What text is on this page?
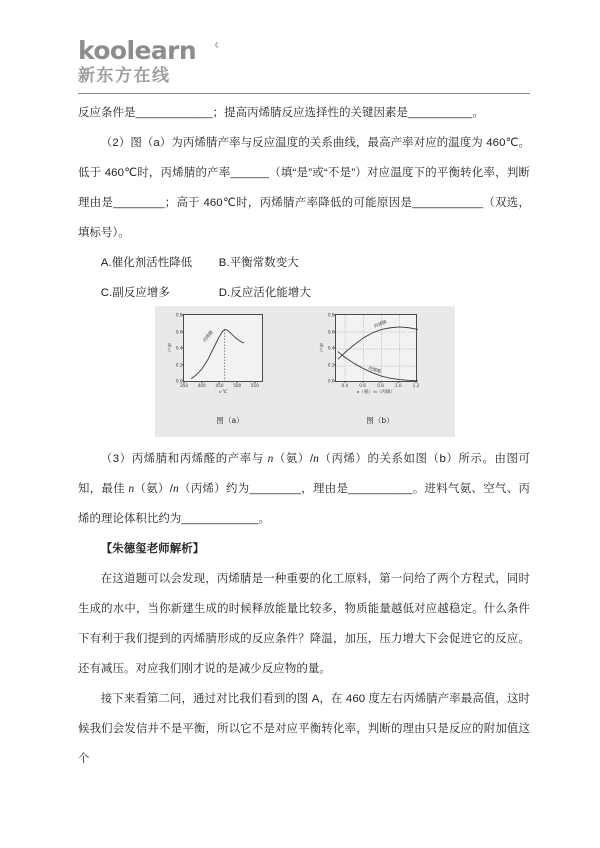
koolearn	‹
新东方在线

反应条件是____________；提高丙烯腈反应选择性的关键因素是__________。

（2）图（a）为丙烯腈产率与反应温度的关系曲线，最高产率对应的温度为 460℃。低于 460℃时，丙烯腈的产率______（填“是”或“不是”）对应温度下的平衡转化率，判断理由是________；高于 460℃时，丙烯腈产率降低的可能原因是___________（双选，填标号）。

A.催化剂活性降低 B.平衡常数变大

C.副反应增多	D.反应活化能增大

（3）丙烯腈和丙烯醛的产率与 n（氨）/n（丙烯）的关系如图（b）所示。由图可知，最佳 n（氨）/n（丙烯）约为________，理由是__________。进料气氨、空气、丙烯的理论体积比约为____________。

【朱德玺老师解析】

在这道题可以会发现，丙烯腈是一种重要的化工原料，第一问给了两个方程式，同时生成的水中，当你新建生成的时候释放能量比较多，物质能量越低对应越稳定。什么条件下有利于我们提到的丙烯腈形成的反应条件？降温，加压，压力增大下会促进它的反应。还有减压。对应我们刚才说的是减少反应物的量。

接下来看第二问，通过对比我们看到的图 A，在 460 度左右丙烯腈产率最高值，这时候我们会发信并不是平衡，所以它不是对应平衡转化率，判断的理由只是反应的附加值这个

0.0
0.2
0.4
0.6
0.8
350 400 450 500 550
t/℃
产率
丙烯腈
0.0
0.2
0.4
0.6
0.8
0.4	0.6	0.8	1.0	1.2
n（氨）/n（丙烯）
产率
丙烯腈
丙烯醛
图（a）	图（b）
